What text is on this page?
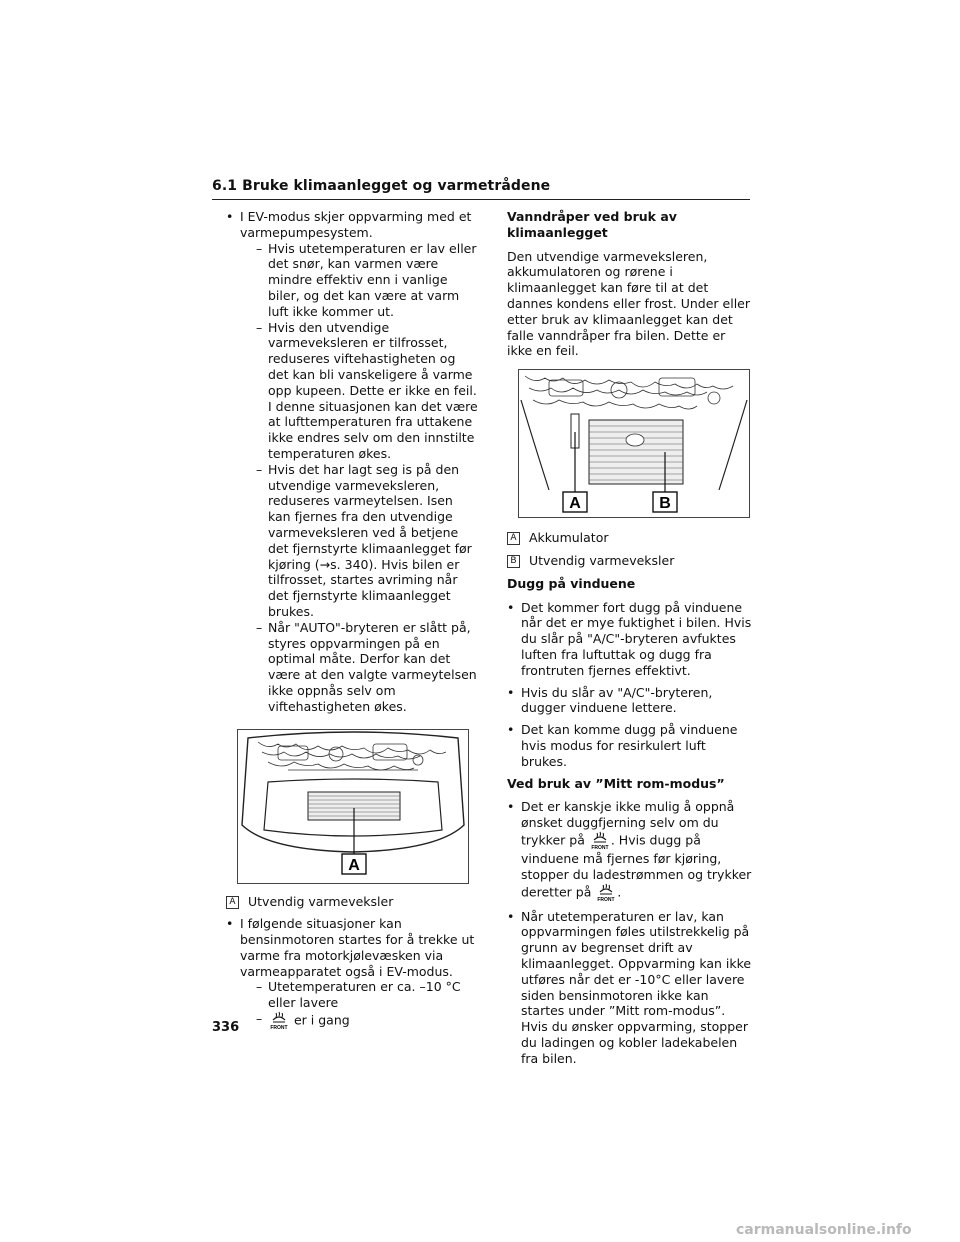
6.1 Bruke klimaanlegget og varmetrådene
• I EV-modus skjer oppvarming med et varmepumpesystem.
– Hvis utetemperaturen er lav eller det snør, kan varmen være mindre effektiv enn i vanlige biler, og det kan være at varm luft ikke kommer ut.
– Hvis den utvendige varmeveksleren er tilfrosset, reduseres viftehastigheten og det kan bli vanskeligere å varme opp kupeen. Dette er ikke en feil. I denne situasjonen kan det være at lufttemperaturen fra uttakene ikke endres selv om den innstilte temperaturen økes.
– Hvis det har lagt seg is på den utvendige varmeveksleren, reduseres varmeytelsen. Isen kan fjernes fra den utvendige varmeveksleren ved å betjene det fjernstyrte klimaanlegget før kjøring (→s. 340). Hvis bilen er tilfrosset, startes avriming når det fjernstyrte klimaanlegget brukes.
– Når "AUTO"-bryteren er slått på, styres oppvarmingen på en optimal måte. Derfor kan det være at den valgte varmeytelsen ikke oppnås selv om viftehastigheten økes.
A
A Utvendig varmeveksler
• I følgende situasjoner kan bensinmotoren startes for å trekke ut varme fra motorkjølevæsken via varmeapparatet også i EV-modus.
– Utetemperaturen er ca. –10 °C eller lavere
– FRONT
er i gang
Vanndråper ved bruk av klimaanlegget
Den utvendige varmeveksleren, akkumulatoren og rørene i klimaanlegget kan føre til at det dannes kondens eller frost. Under eller etter bruk av klimaanlegget kan det falle vanndråper fra bilen. Dette er ikke en feil.
A	B
A Akkumulator
B Utvendig varmeveksler
Dugg på vinduene
• Det kommer fort dugg på vinduene når det er mye fuktighet i bilen. Hvis du slår på "A/C"-bryteren avfuktes luften fra luftuttak og dugg fra frontruten fjernes effektivt.
• Hvis du slår av "A/C"-bryteren, dugger vinduene lettere.
• Det kan komme dugg på vinduene hvis modus for resirkulert luft brukes.
Ved bruk av ”Mitt rom-modus”
• Det er kanskje ikke mulig å oppnå ønsket duggfjerning selv om du trykker på
FRONT
. Hvis dugg på vinduene må fjernes før kjøring, stopper du ladestrømmen og trykker deretter på
FRONT
.
• Når utetemperaturen er lav, kan oppvarmingen føles utilstrekkelig på grunn av begrenset drift av klimaanlegget. Oppvarming kan ikke utføres når det er -10°C eller lavere siden bensinmotoren ikke kan startes under ”Mitt rom-modus”. Hvis du ønsker oppvarming, stopper du ladingen og kobler ladekabelen fra bilen.
336
carmanualsonline.info
